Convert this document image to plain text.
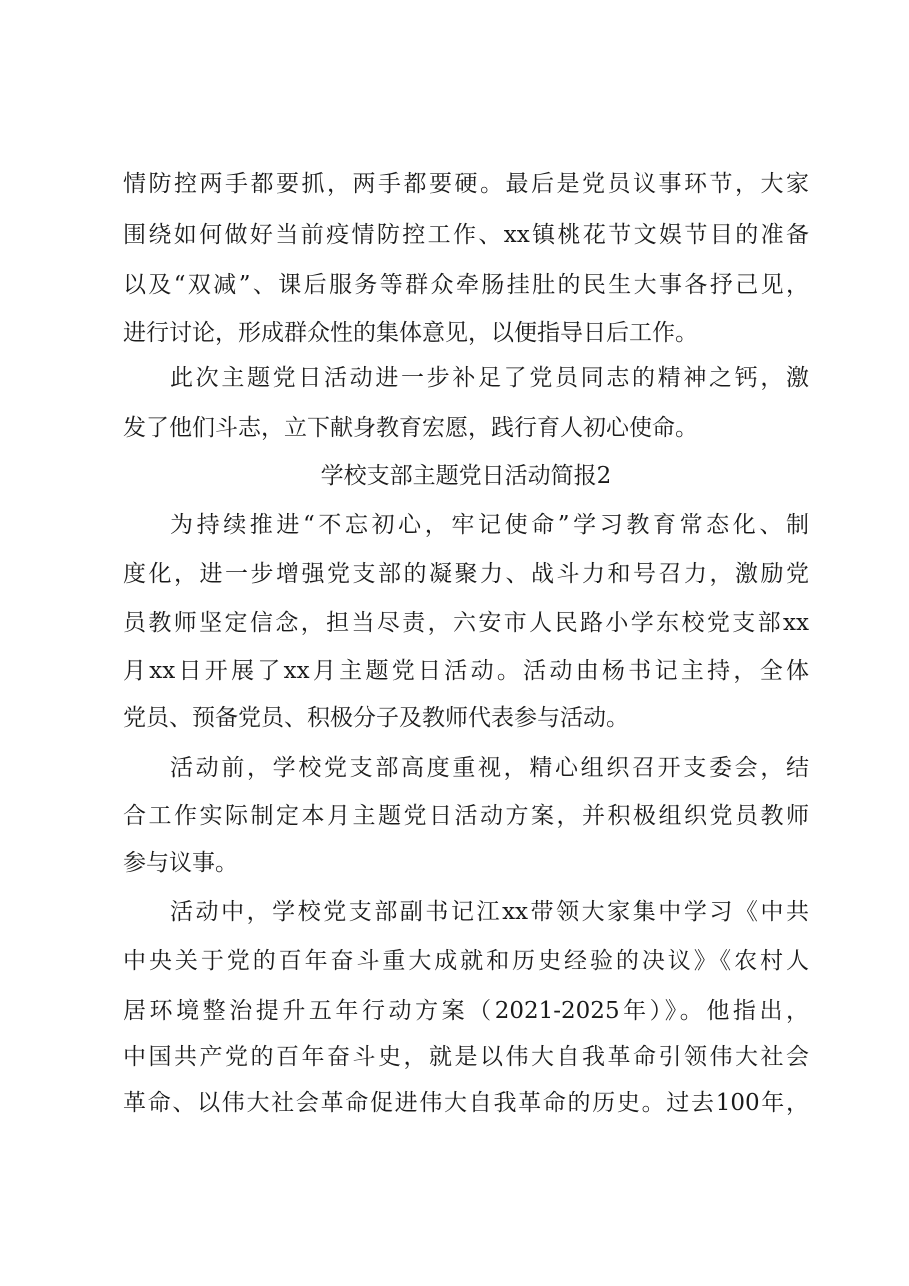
情防控两手都要抓，两手都要硬。最后是党员议事环节，大家
围绕如何做好当前疫情防控工作、xx镇桃花节文娱节目的准备
以及“双减”、课后服务等群众牵肠挂肚的民生大事各抒己见，
进行讨论，形成群众性的集体意见，以便指导日后工作。
此次主题党日活动进一步补足了党员同志的精神之钙，激
发了他们斗志，立下献身教育宏愿，践行育人初心使命。
学校支部主题党日活动简报2
为持续推进“不忘初心，牢记使命”学习教育常态化、制
度化，进一步增强党支部的凝聚力、战斗力和号召力，激励党
员教师坚定信念，担当尽责，六安市人民路小学东校党支部xx
月xx日开展了xx月主题党日活动。活动由杨书记主持，全体
党员、预备党员、积极分子及教师代表参与活动。
活动前，学校党支部高度重视，精心组织召开支委会，结
合工作实际制定本月主题党日活动方案，并积极组织党员教师
参与议事。
活动中，学校党支部副书记江xx带领大家集中学习《中共
中央关于党的百年奋斗重大成就和历史经验的决议》《农村人
居环境整治提升五年行动方案（2021-2025年）》。他指出，
中国共产党的百年奋斗史，就是以伟大自我革命引领伟大社会
革命、以伟大社会革命促进伟大自我革命的历史。过去100年，
